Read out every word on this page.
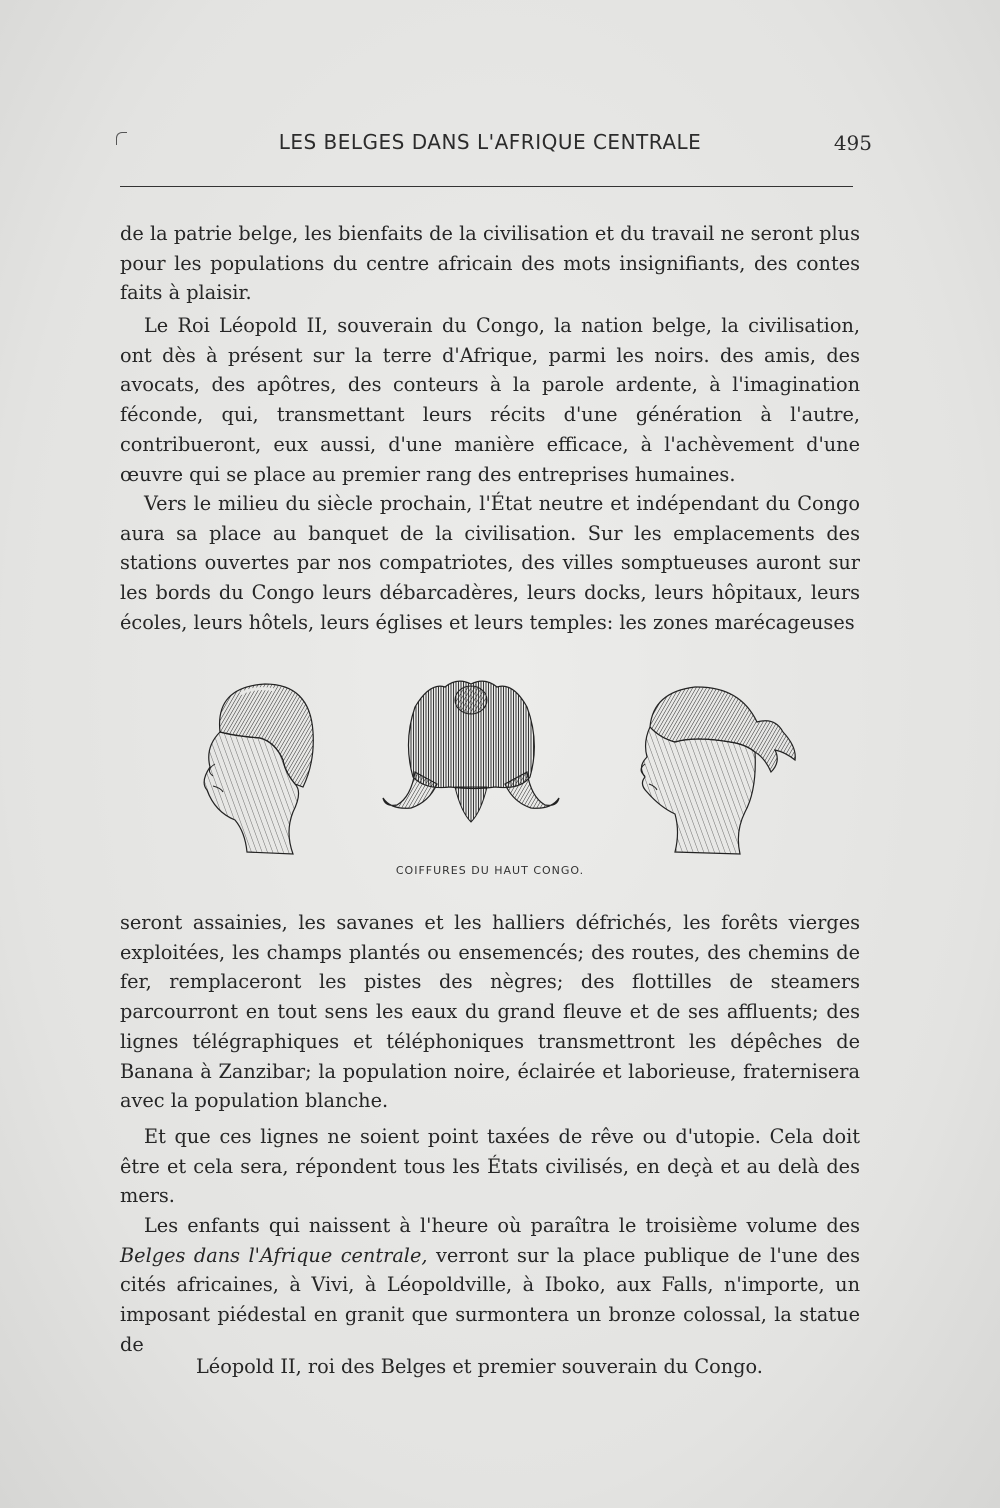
LES BELGES DANS L'AFRIQUE CENTRALE	495

de la patrie belge, les bienfaits de la civilisation et du travail ne seront plus pour les populations du centre africain des mots insignifiants, des contes faits à plaisir.

Le Roi Léopold II, souverain du Congo, la nation belge, la civilisation, ont dès à présent sur la terre d'Afrique, parmi les noirs. des amis, des avocats, des apôtres, des conteurs à la parole ardente, à l'imagination féconde, qui, transmettant leurs récits d'une génération à l'autre, contribueront, eux aussi, d'une manière efficace, à l'achèvement d'une œuvre qui se place au premier rang des entreprises humaines.

Vers le milieu du siècle prochain, l'État neutre et indépendant du Congo aura sa place au banquet de la civilisation. Sur les emplacements des stations ouvertes par nos compatriotes, des villes somptueuses auront sur les bords du Congo leurs débarcadères, leurs docks, leurs hôpitaux, leurs écoles, leurs hôtels, leurs églises et leurs temples: les zones marécageuses

COIFFURES DU HAUT CONGO.

seront assainies, les savanes et les halliers défrichés, les forêts vierges exploitées, les champs plantés ou ensemencés; des routes, des chemins de fer, remplaceront les pistes des nègres; des flottilles de steamers parcourront en tout sens les eaux du grand fleuve et de ses affluents; des lignes télégraphiques et téléphoniques transmettront les dépêches de Banana à Zanzibar; la population noire, éclairée et laborieuse, fraternisera avec la population blanche.

Et que ces lignes ne soient point taxées de rêve ou d'utopie. Cela doit être et cela sera, répondent tous les États civilisés, en deçà et au delà des mers.

Les enfants qui naissent à l'heure où paraîtra le troisième volume des Belges dans l'Afrique centrale, verront sur la place publique de l'une des cités africaines, à Vivi, à Léopoldville, à Iboko, aux Falls, n'importe, un imposant piédestal en granit que surmontera un bronze colossal, la statue de

Léopold II, roi des Belges et premier souverain du Congo.
